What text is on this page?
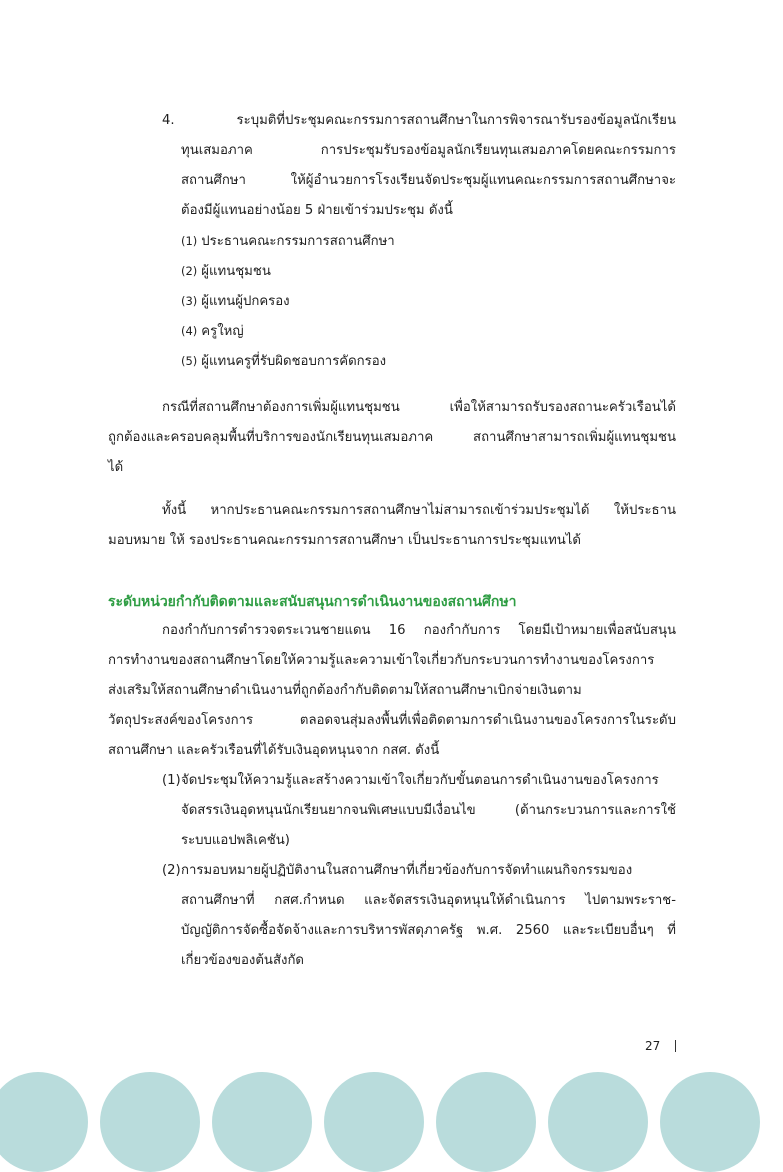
4. ระบุมติที่ประชุมคณะกรรมการสถานศึกษาในการพิจารณารับรองข้อมูลนักเรียน

ทุนเสมอภาค การประชุมรับรองข้อมูลนักเรียนทุนเสมอภาคโดยคณะกรรมการ

สถานศึกษา ให้ผู้อำนวยการโรงเรียนจัดประชุมผู้แทนคณะกรรมการสถานศึกษาจะ

ต้องมีผู้แทนอย่างน้อย 5 ฝ่ายเข้าร่วมประชุม ดังนี้

(1) ประธานคณะกรรมการสถานศึกษา

(2) ผู้แทนชุมชน

(3) ผู้แทนผู้ปกครอง

(4) ครูใหญ่

(5) ผู้แทนครูที่รับผิดชอบการคัดกรอง

กรณีที่สถานศึกษาต้องการเพิ่มผู้แทนชุมชน เพื่อให้สามารถรับรองสถานะครัวเรือนได้

ถูกต้องและครอบคลุมพื้นที่บริการของนักเรียนทุนเสมอภาค สถานศึกษาสามารถเพิ่มผู้แทนชุมชน

ได้

ทั้งนี้ หากประธานคณะกรรมการสถานศึกษาไม่สามารถเข้าร่วมประชุมได้ ให้ประธาน

มอบหมาย ให้ รองประธานคณะกรรมการสถานศึกษา เป็นประธานการประชุมแทนได้

ระดับหน่วยกำกับติดตามและสนับสนุนการดำเนินงานของสถานศึกษา

กองกำกับการตำรวจตระเวนชายแดน 16 กองกำกับการ โดยมีเป้าหมายเพื่อสนับสนุน

การทำงานของสถานศึกษาโดยให้ความรู้และความเข้าใจเกี่ยวกับกระบวนการทำงานของโครงการ

ส่งเสริมให้สถานศึกษาดำเนินงานที่ถูกต้องกำกับติดตามให้สถานศึกษาเบิกจ่ายเงินตาม

วัตถุประสงค์ของโครงการ ตลอดจนสุ่มลงพื้นที่เพื่อติดตามการดำเนินงานของโครงการในระดับ

สถานศึกษา และครัวเรือนที่ได้รับเงินอุดหนุนจาก กสศ. ดังนี้

(1) จัดประชุมให้ความรู้และสร้างความเข้าใจเกี่ยวกับขั้นตอนการดำเนินงานของโครงการ

จัดสรรเงินอุดหนุนนักเรียนยากจนพิเศษแบบมีเงื่อนไข (ด้านกระบวนการและการใช้

ระบบแอปพลิเคชัน)

(2) การมอบหมายผู้ปฏิบัติงานในสถานศึกษาที่เกี่ยวข้องกับการจัดทำแผนกิจกรรมของ

สถานศึกษาที่ กสศ.กำหนด และจัดสรรเงินอุดหนุนให้ดำเนินการ ไปตามพระราช-

บัญญัติการจัดซื้อจัดจ้างและการบริหารพัสดุภาครัฐ พ.ศ. 2560 และระเบียบอื่นๆ ที่

เกี่ยวข้องของต้นสังกัด

27
